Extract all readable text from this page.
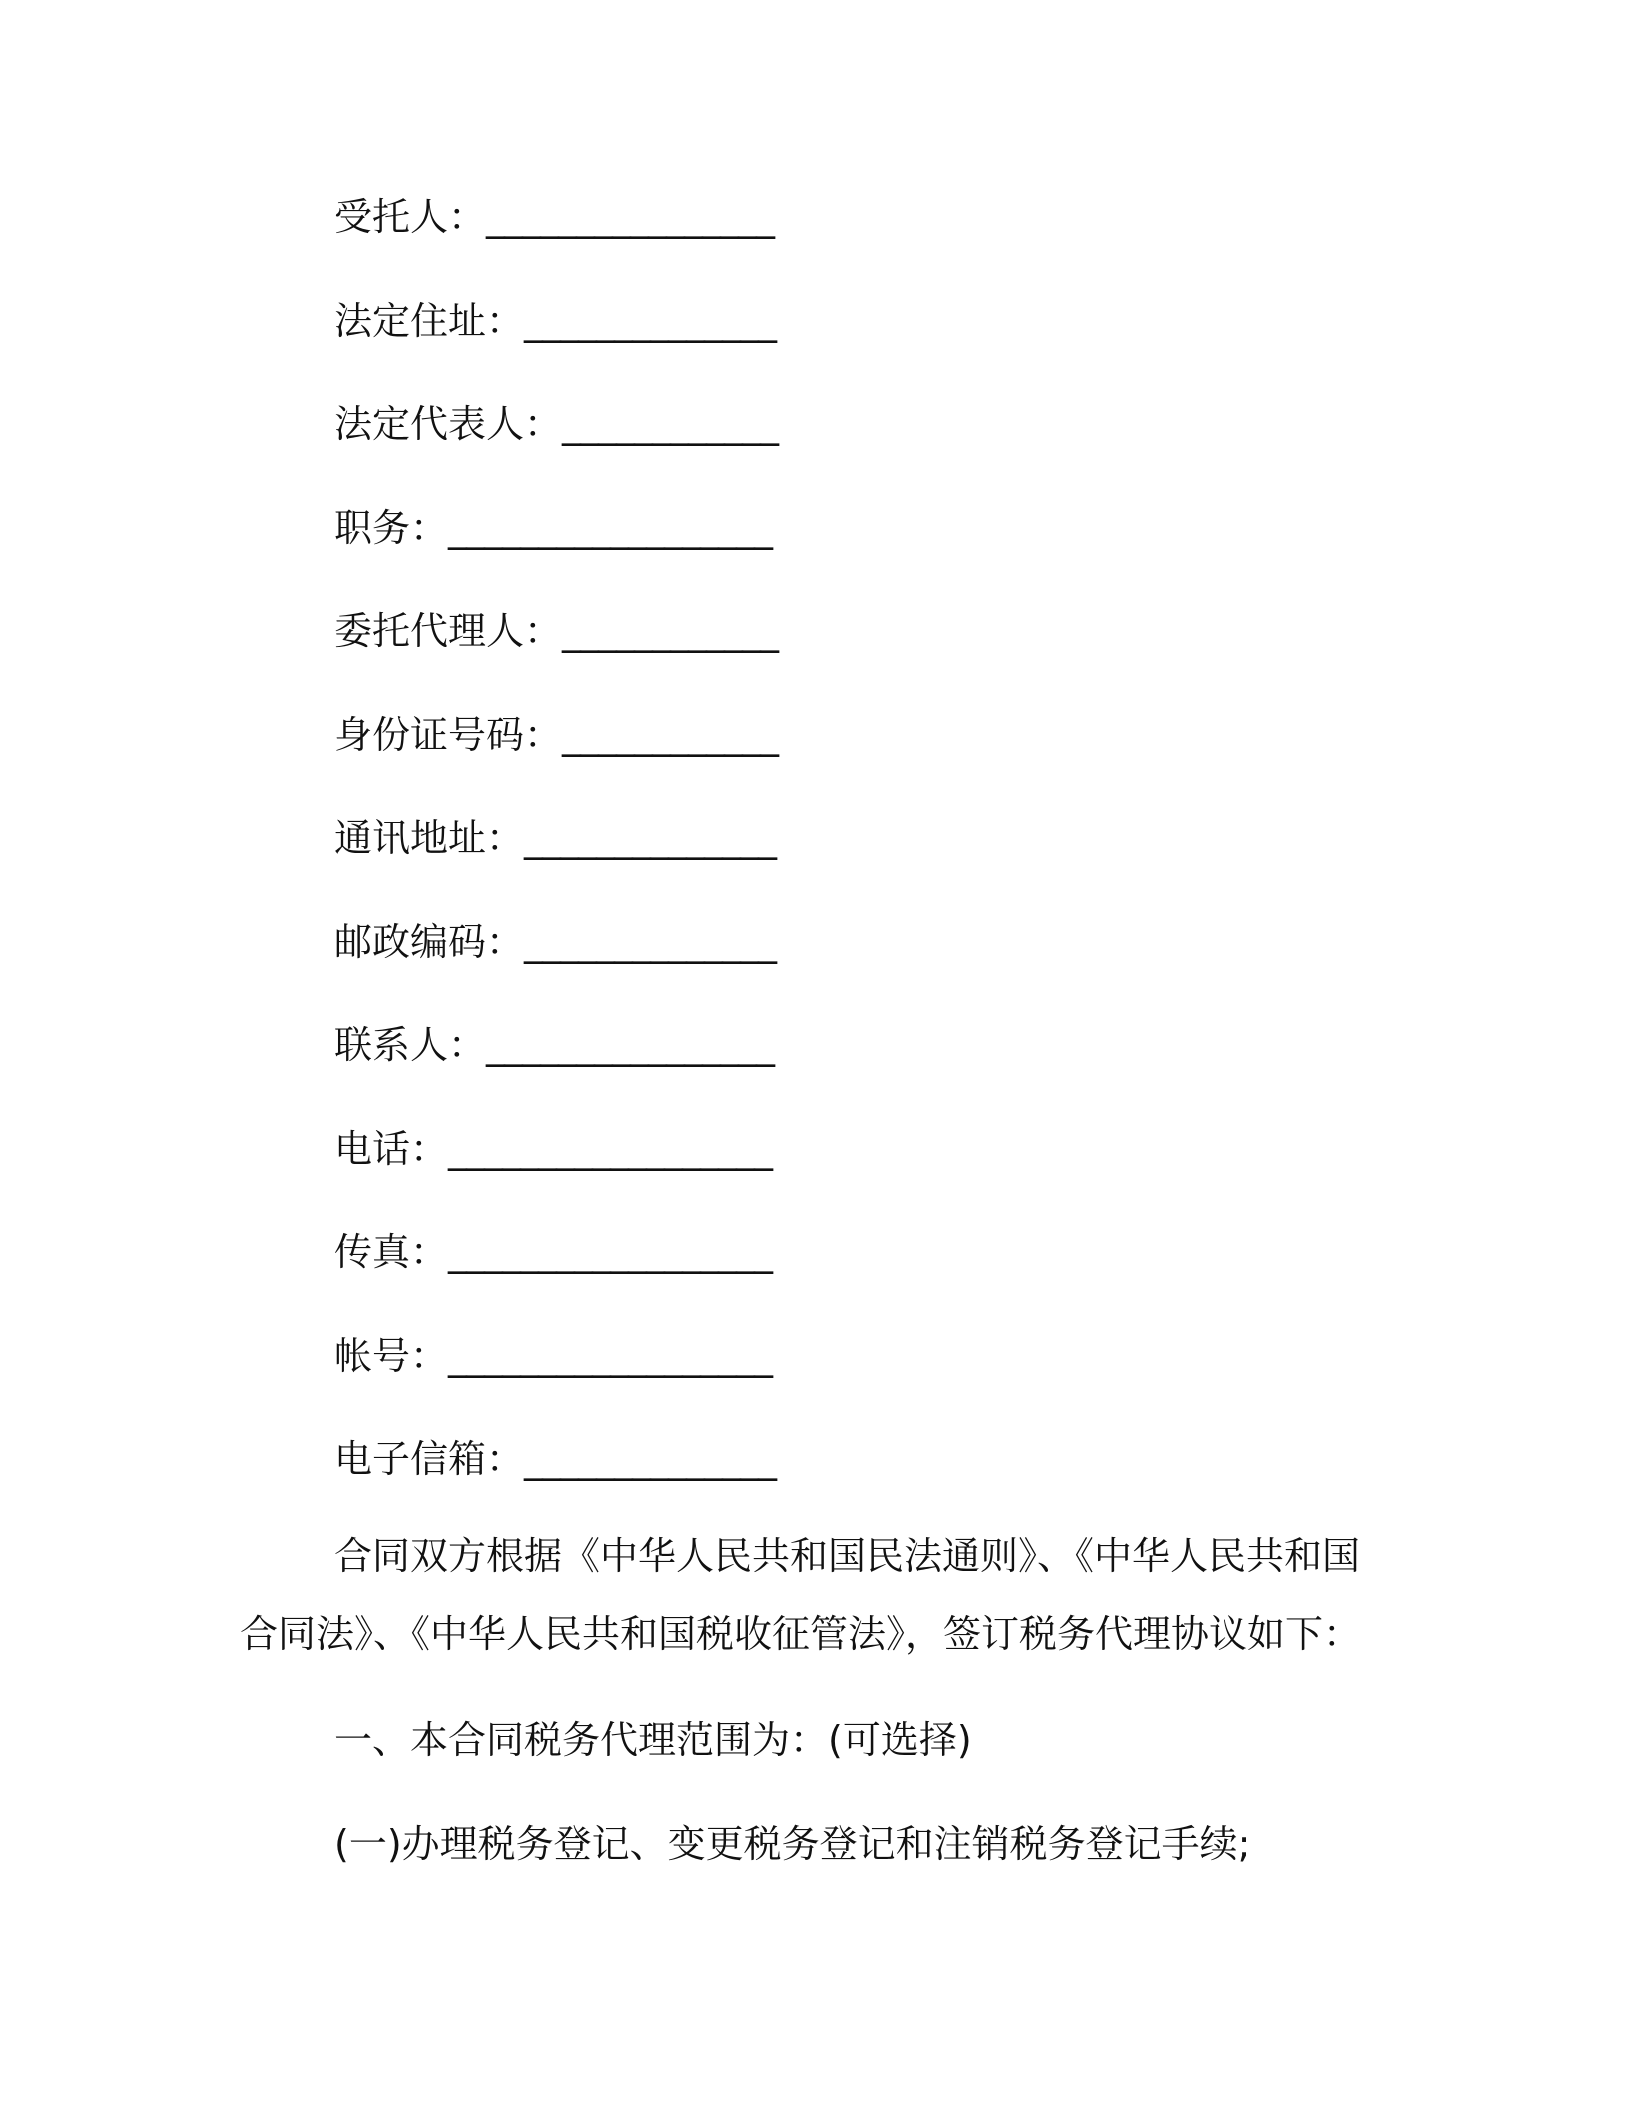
受托人：________________
法定住址：______________
法定代表人：____________
职务：__________________
委托代理人：____________
身份证号码：____________
通讯地址：______________
邮政编码：______________
联系人：________________
电话：__________________
传真：__________________
帐号：__________________
电子信箱：______________
合同双方根据《中华人民共和国民法通则》、《中华人民共和国
合同法》、《中华人民共和国税收征管法》，签订税务代理协议如下：
一、本合同税务代理范围为：(可选择)
(一)办理税务登记、变更税务登记和注销税务登记手续;
